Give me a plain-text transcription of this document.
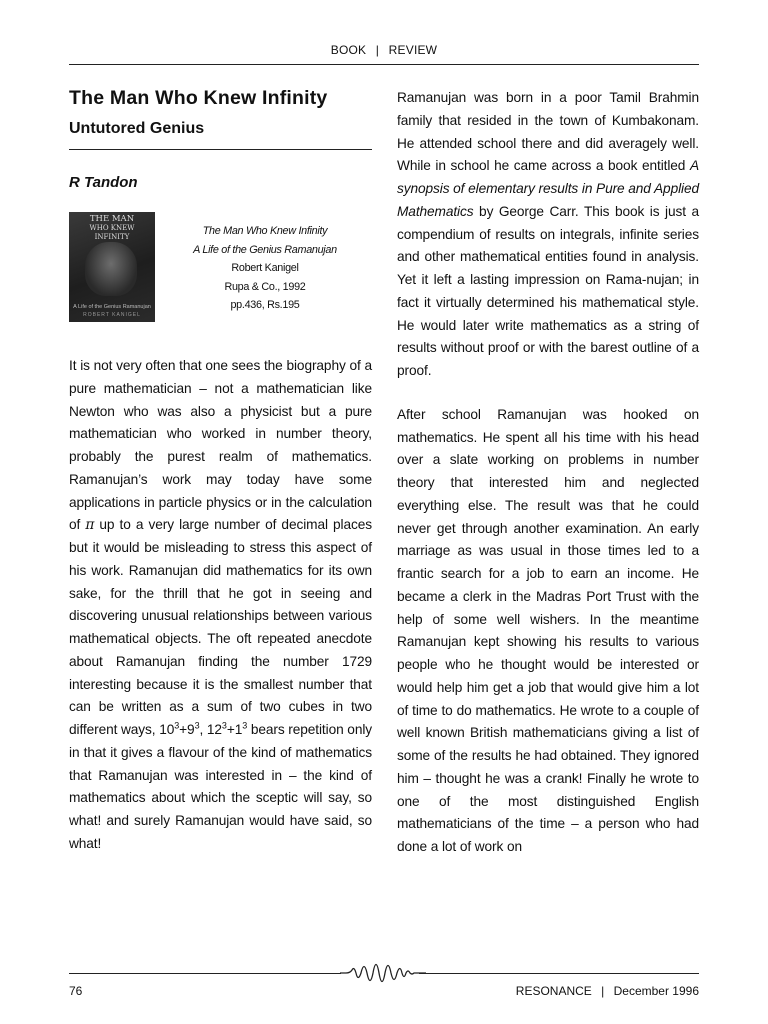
BOOK | REVIEW
The Man Who Knew Infinity
Untutored Genius
R Tandon
THE MAN
WHO KNEW INFINITY
A Life of the Genius Ramanujan
ROBERT KANIGEL
The Man Who Knew Infinity
A Life of the Genius Ramanujan
Robert Kanigel
Rupa & Co., 1992
pp.436, Rs.195

It is not very often that one sees the biography of a pure mathematician – not a mathematician like Newton who was also a physicist but a pure mathematician who worked in number theory, probably the purest realm of mathematics. Ramanujan’s work may today have some applications in particle physics or in the calculation of π up to a very large number of decimal places but it would be misleading to stress this aspect of his work. Ramanujan did mathematics for its own sake, for the thrill that he got in seeing and discovering unusual relationships between various mathematical objects. The oft repeated anecdote about Ramanujan finding the number 1729 interesting because it is the smallest number that can be written as a sum of two cubes in two different ways, $10^3+9^3$, $12^3+1^3$ bears repetition only in that it gives a flavour of the kind of mathematics that Ramanujan was interested in – the kind of mathematics about which the sceptic will say, so what! and surely Ramanujan would have said, so what!

Ramanujan was born in a poor Tamil Brahmin family that resided in the town of Kumbakonam. He attended school there and did averagely well. While in school he came across a book entitled A synopsis of elementary results in Pure and Applied Mathematics by George Carr. This book is just a compendium of results on integrals, infinite series and other mathematical entities found in analysis. Yet it left a lasting impression on Rama-nujan; in fact it virtually determined his mathematical style. He would later write mathematics as a string of results without proof or with the barest outline of a proof.

After school Ramanujan was hooked on mathematics. He spent all his time with his head over a slate working on problems in number theory that interested him and neglected everything else. The result was that he could never get through another examination. An early marriage as was usual in those times led to a frantic search for a job to earn an income. He became a clerk in the Madras Port Trust with the help of some well wishers. In the meantime Ramanujan kept showing his results to various people who he thought would be interested or would help him get a job that would give him a lot of time to do mathematics. He wrote to a couple of well known British mathematicians giving a list of some of the results he had obtained. They ignored him – thought he was a crank! Finally he wrote to one of the most distinguished English mathematicians of the time – a person who had done a lot of work on

76	RESONANCE | December 1996
